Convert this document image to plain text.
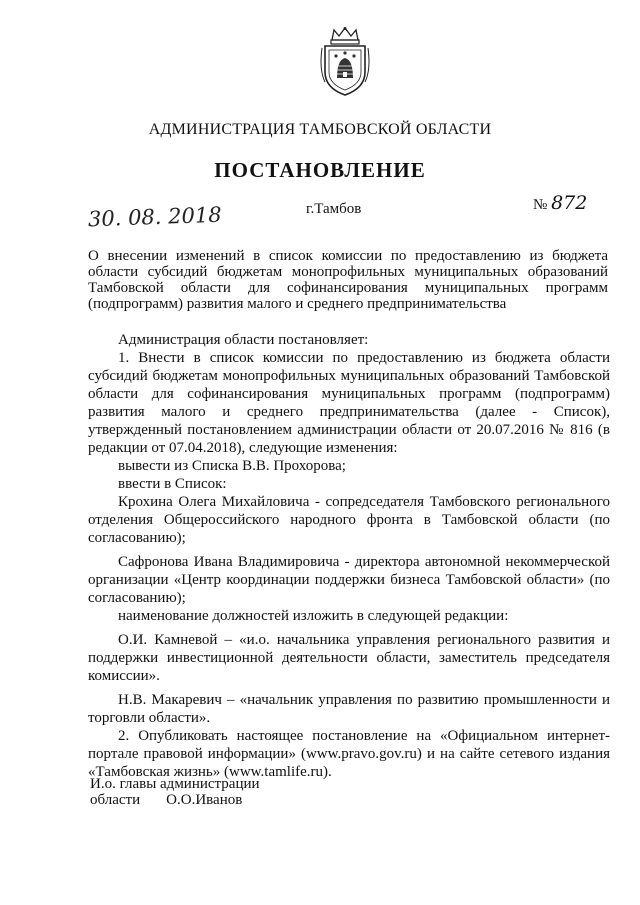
АДМИНИСТРАЦИЯ ТАМБОВСКОЙ ОБЛАСТИ
ПОСТАНОВЛЕНИЕ
30. 08. 2018	г.Тамбов	№ 872
О внесении изменений в список комиссии по предоставлению из бюджета области субсидий бюджетам монопрофильных муниципальных образований Тамбовской области для софинансирования муниципальных программ (подпрограмм) развития малого и среднего предпринимательства

Администрация области постановляет:

1. Внести в список комиссии по предоставлению из бюджета области субсидий бюджетам монопрофильных муниципальных образований Тамбовской области для софинансирования муниципальных программ (подпрограмм) развития малого и среднего предпринимательства (далее - Список), утвержденный постановлением администрации области от 20.07.2016 № 816 (в редакции от 07.04.2018), следующие изменения:

вывести из Списка В.В. Прохорова;

ввести в Список:

Крохина Олега Михайловича - сопредседателя Тамбовского регионального отделения Общероссийского народного фронта в Тамбовской области (по согласованию);

Сафронова Ивана Владимировича - директора автономной некоммерческой организации «Центр координации поддержки бизнеса Тамбовской области» (по согласованию);

наименование должностей изложить в следующей редакции:

О.И. Камневой – «и.о. начальника управления регионального развития и поддержки инвестиционной деятельности области, заместитель председателя комиссии».

Н.В. Макаревич – «начальник управления по развитию промышленности и торговли области».

2. Опубликовать настоящее постановление на «Официальном интернет-портале правовой информации» (www.pravo.gov.ru) и на сайте сетевого издания «Тамбовская жизнь» (www.tamlife.ru).

И.о. главы администрации
области О.О.Иванов
